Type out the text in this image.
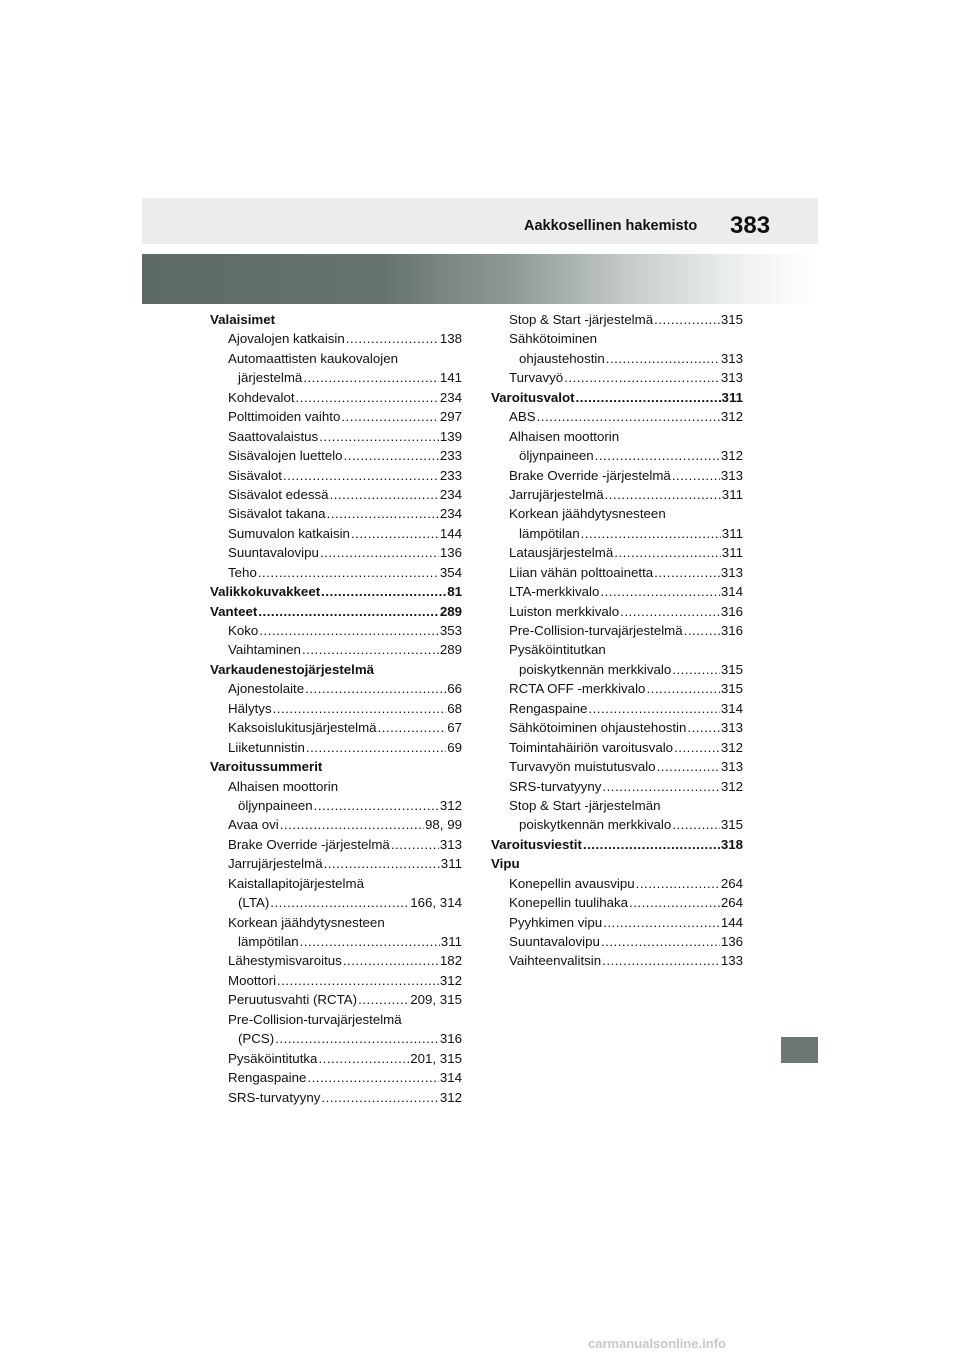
Aakkosellinen hakemisto 383
Valaisimet
Ajovalojen katkaisin .....	138
Automaattisten kaukovalojen
järjestelmä .....	141
Kohdevalot .....	234
Polttimoiden vaihto .....	297
Saattovalaistus .....	139
Sisävalojen luettelo .....	233
Sisävalot .....	233
Sisävalot edessä .....	234
Sisävalot takana .....	234
Sumuvalon katkaisin .....	144
Suuntavalovipu .....	136
Teho .....	354
Valikkokuvakkeet .....	81
Vanteet .....	289
Koko .....	353
Vaihtaminen .....	289
Varkaudenestojärjestelmä
Ajonestolaite .....	66
Hälytys .....	68
Kaksoislukitusjärjestelmä .....	67
Liiketunnistin .....	69
Varoitussummerit
Alhaisen moottorin
öljynpaineen .....	312
Avaa ovi .....	98, 99
Brake Override -järjestelmä .....	313
Jarrujärjestelmä .....	311
Kaistallapitojärjestelmä
(LTA) .....	166, 314
Korkean jäähdytysnesteen
lämpötilan .....	311
Lähestymisvaroitus .....	182
Moottori .....	312
Peruutusvahti (RCTA) .....	209, 315
Pre-Collision-turvajärjestelmä
(PCS) .....	316
Pysäköintitutka .....	201, 315
Rengaspaine .....	314
SRS-turvatyyny .....	312
Stop & Start -järjestelmä .....	315
Sähkötoiminen
ohjaustehostin .....	313
Turvavyö .....	313
Varoitusvalot .....	311
ABS .....	312
Alhaisen moottorin
öljynpaineen .....	312
Brake Override -järjestelmä .....	313
Jarrujärjestelmä .....	311
Korkean jäähdytysnesteen
lämpötilan .....	311
Latausjärjestelmä .....	311
Liian vähän polttoainetta .....	313
LTA-merkkivalo .....	314
Luiston merkkivalo .....	316
Pre-Collision-turvajärjestelmä .....	316
Pysäköintitutkan
poiskytkennän merkkivalo .....	315
RCTA OFF -merkkivalo .....	315
Rengaspaine .....	314
Sähkötoiminen ohjaustehostin .....	313
Toimintahäiriön varoitusvalo .....	312
Turvavyön muistutusvalo .....	313
SRS-turvatyyny .....	312
Stop & Start -järjestelmän
poiskytkennän merkkivalo .....	315
Varoitusviestit .....	318
Vipu
Konepellin avausvipu .....	264
Konepellin tuulihaka .....	264
Pyyhkimen vipu .....	144
Suuntavalovipu .....	136
Vaihteenvalitsin .....	133
carmanualsonline.info
